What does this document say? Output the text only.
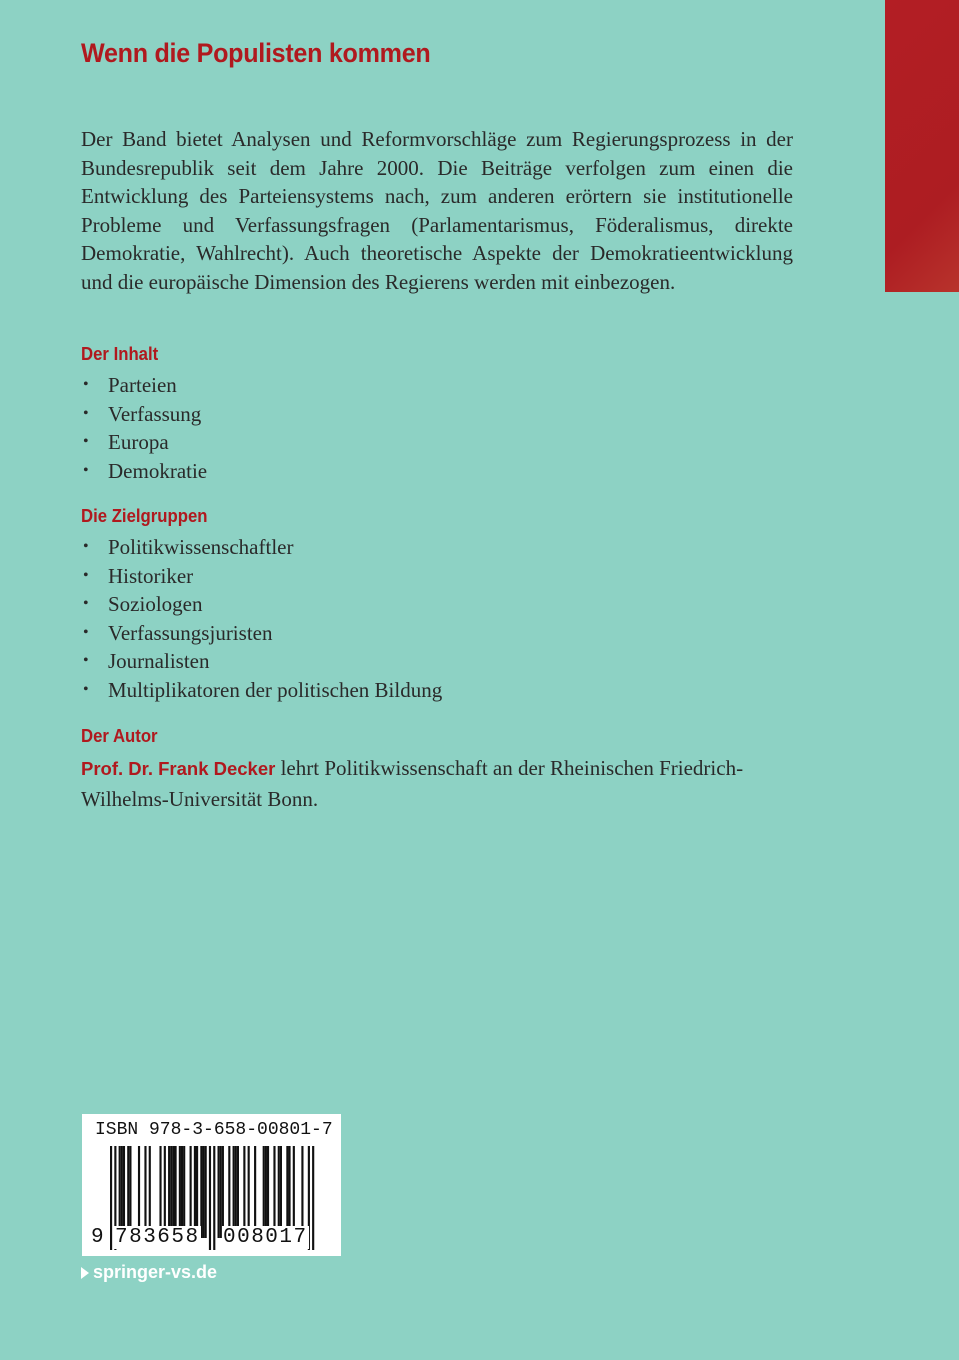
Wenn die Populisten kommen

Der Band bietet Analysen und Reformvorschläge zum Regierungsprozess in der Bundesrepublik seit dem Jahre 2000. Die Beiträge verfolgen zum einen die Entwicklung des Parteiensystems nach, zum anderen erörtern sie institutionelle Probleme und Verfassungsfragen (Parlamentarismus, Föderalismus, direkte Demokratie, Wahlrecht). Auch theoretische Aspekte der Demokratieentwicklung und die europäische Dimension des Regierens werden mit einbezogen.

Der Inhalt
• Parteien
• Verfassung
• Europa
• Demokratie
Die Zielgruppen
• Politikwissenschaftler
• Historiker
• Soziologen
• Verfassungsjuristen
• Journalisten
• Multiplikatoren der politischen Bildung
Der Autor

Prof. Dr. Frank Decker lehrt Politikwissenschaft an der Rheinischen Friedrich-Wilhelms-Universität Bonn.

ISBN 978-3-658-00801-7
9 783658 008017
springer-vs.de
